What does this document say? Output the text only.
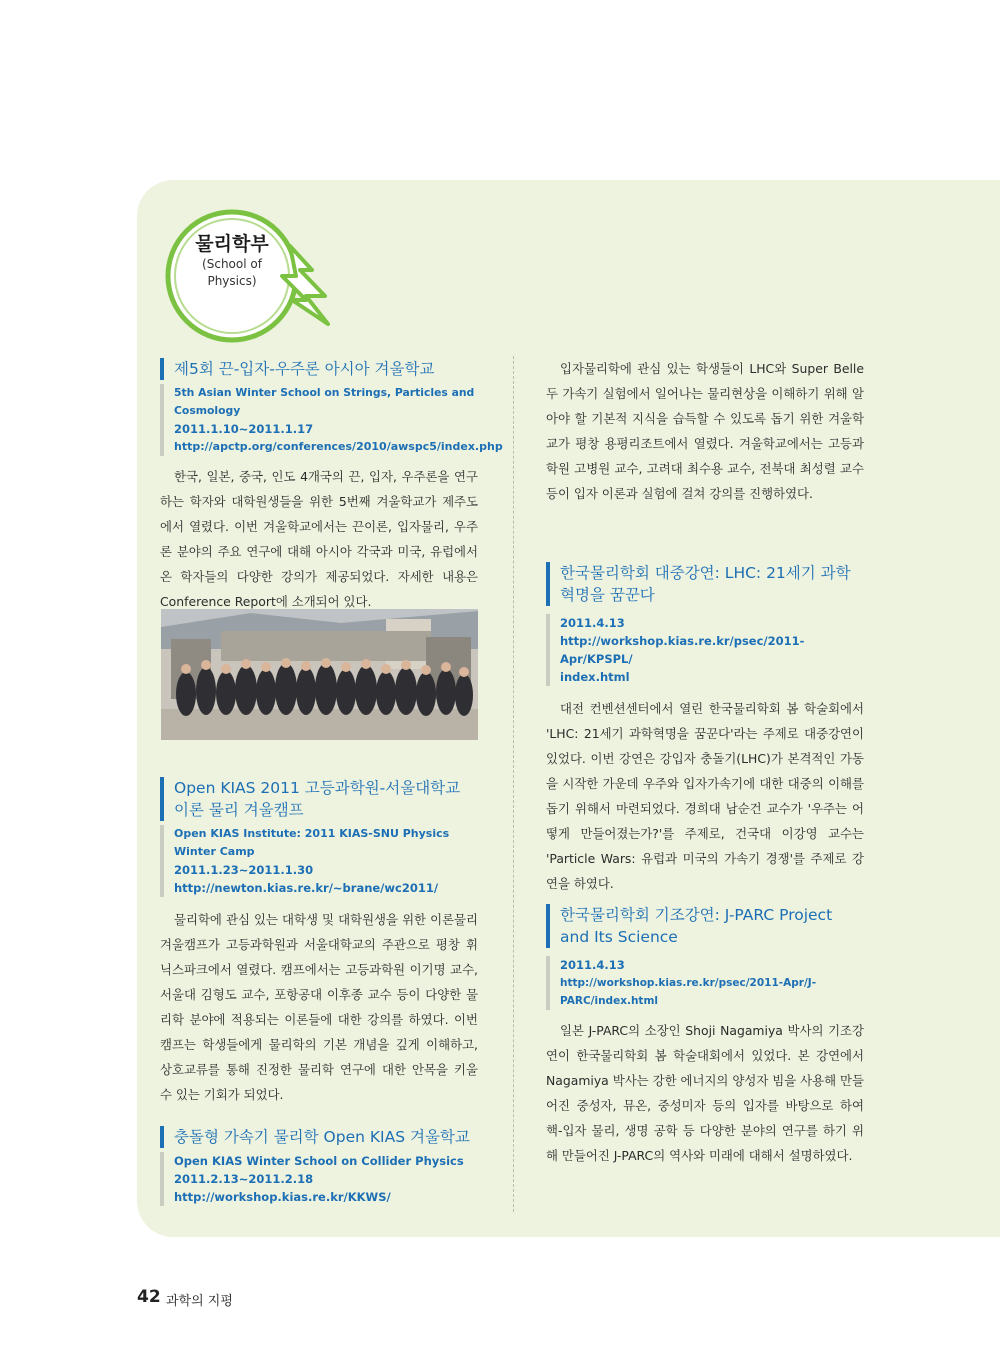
물리학부
(School of
Physics)
제5회 끈-입자-우주론 아시아 겨울학교
5th Asian Winter School on Strings, Particles and Cosmology
2011.1.10~2011.1.17
http://apctp.org/conferences/2010/awspc5/index.php
한국, 일본, 중국, 인도 4개국의 끈, 입자, 우주론을 연구하는 학자와 대학원생들을 위한 5번째 겨울학교가 제주도에서 열렸다. 이번 겨울학교에서는 끈이론, 입자물리, 우주론 분야의 주요 연구에 대해 아시아 각국과 미국, 유럽에서 온 학자들의 다양한 강의가 제공되었다. 자세한 내용은 Conference Report에 소개되어 있다.
Open KIAS 2011 고등과학원-서울대학교 이론 물리 겨울캠프
Open KIAS Institute: 2011 KIAS-SNU Physics Winter Camp
2011.1.23~2011.1.30
http://newton.kias.re.kr/~brane/wc2011/
물리학에 관심 있는 대학생 및 대학원생을 위한 이론물리 겨울캠프가 고등과학원과 서울대학교의 주관으로 평창 휘닉스파크에서 열렸다. 캠프에서는 고등과학원 이기명 교수, 서울대 김형도 교수, 포항공대 이후종 교수 등이 다양한 물리학 분야에 적용되는 이론들에 대한 강의를 하였다. 이번 캠프는 학생들에게 물리학의 기본 개념을 깊게 이해하고, 상호교류를 통해 진정한 물리학 연구에 대한 안목을 키울 수 있는 기회가 되었다.
충돌형 가속기 물리학 Open KIAS 겨울학교
Open KIAS Winter School on Collider Physics
2011.2.13~2011.2.18
http://workshop.kias.re.kr/KKWS/
입자물리학에 관심 있는 학생들이 LHC와 Super Belle 두 가속기 실험에서 일어나는 물리현상을 이해하기 위해 알아야 할 기본적 지식을 습득할 수 있도록 돕기 위한 겨울학교가 평창 용평리조트에서 열렸다. 겨울학교에서는 고등과학원 고병원 교수, 고려대 최수용 교수, 전북대 최성렬 교수 등이 입자 이론과 실험에 걸쳐 강의를 진행하였다.
한국물리학회 대중강연: LHC: 21세기 과학혁명을 꿈꾼다
2011.4.13
http://workshop.kias.re.kr/psec/2011-Apr/KPSPL/
index.html
대전 컨벤션센터에서 열린 한국물리학회 봄 학술회에서 'LHC: 21세기 과학혁명을 꿈꾼다'라는 주제로 대중강연이 있었다. 이번 강연은 강입자 충돌기(LHC)가 본격적인 가동을 시작한 가운데 우주와 입자가속기에 대한 대중의 이해를 돕기 위해서 마련되었다. 경희대 남순건 교수가 '우주는 어떻게 만들어졌는가?'를 주제로, 건국대 이강영 교수는 'Particle Wars: 유럽과 미국의 가속기 경쟁'를 주제로 강연을 하였다.
한국물리학회 기조강연: J-PARC Project and Its Science
2011.4.13
http://workshop.kias.re.kr/psec/2011-Apr/J-PARC/index.html
일본 J-PARC의 소장인 Shoji Nagamiya 박사의 기조강연이 한국물리학회 봄 학술대회에서 있었다. 본 강연에서 Nagamiya 박사는 강한 에너지의 양성자 빔을 사용해 만들어진 중성자, 뮤온, 중성미자 등의 입자를 바탕으로 하여 핵-입자 물리, 생명 공학 등 다양한 분야의 연구를 하기 위해 만들어진 J-PARC의 역사와 미래에 대해서 설명하였다.
42 과학의 지평
